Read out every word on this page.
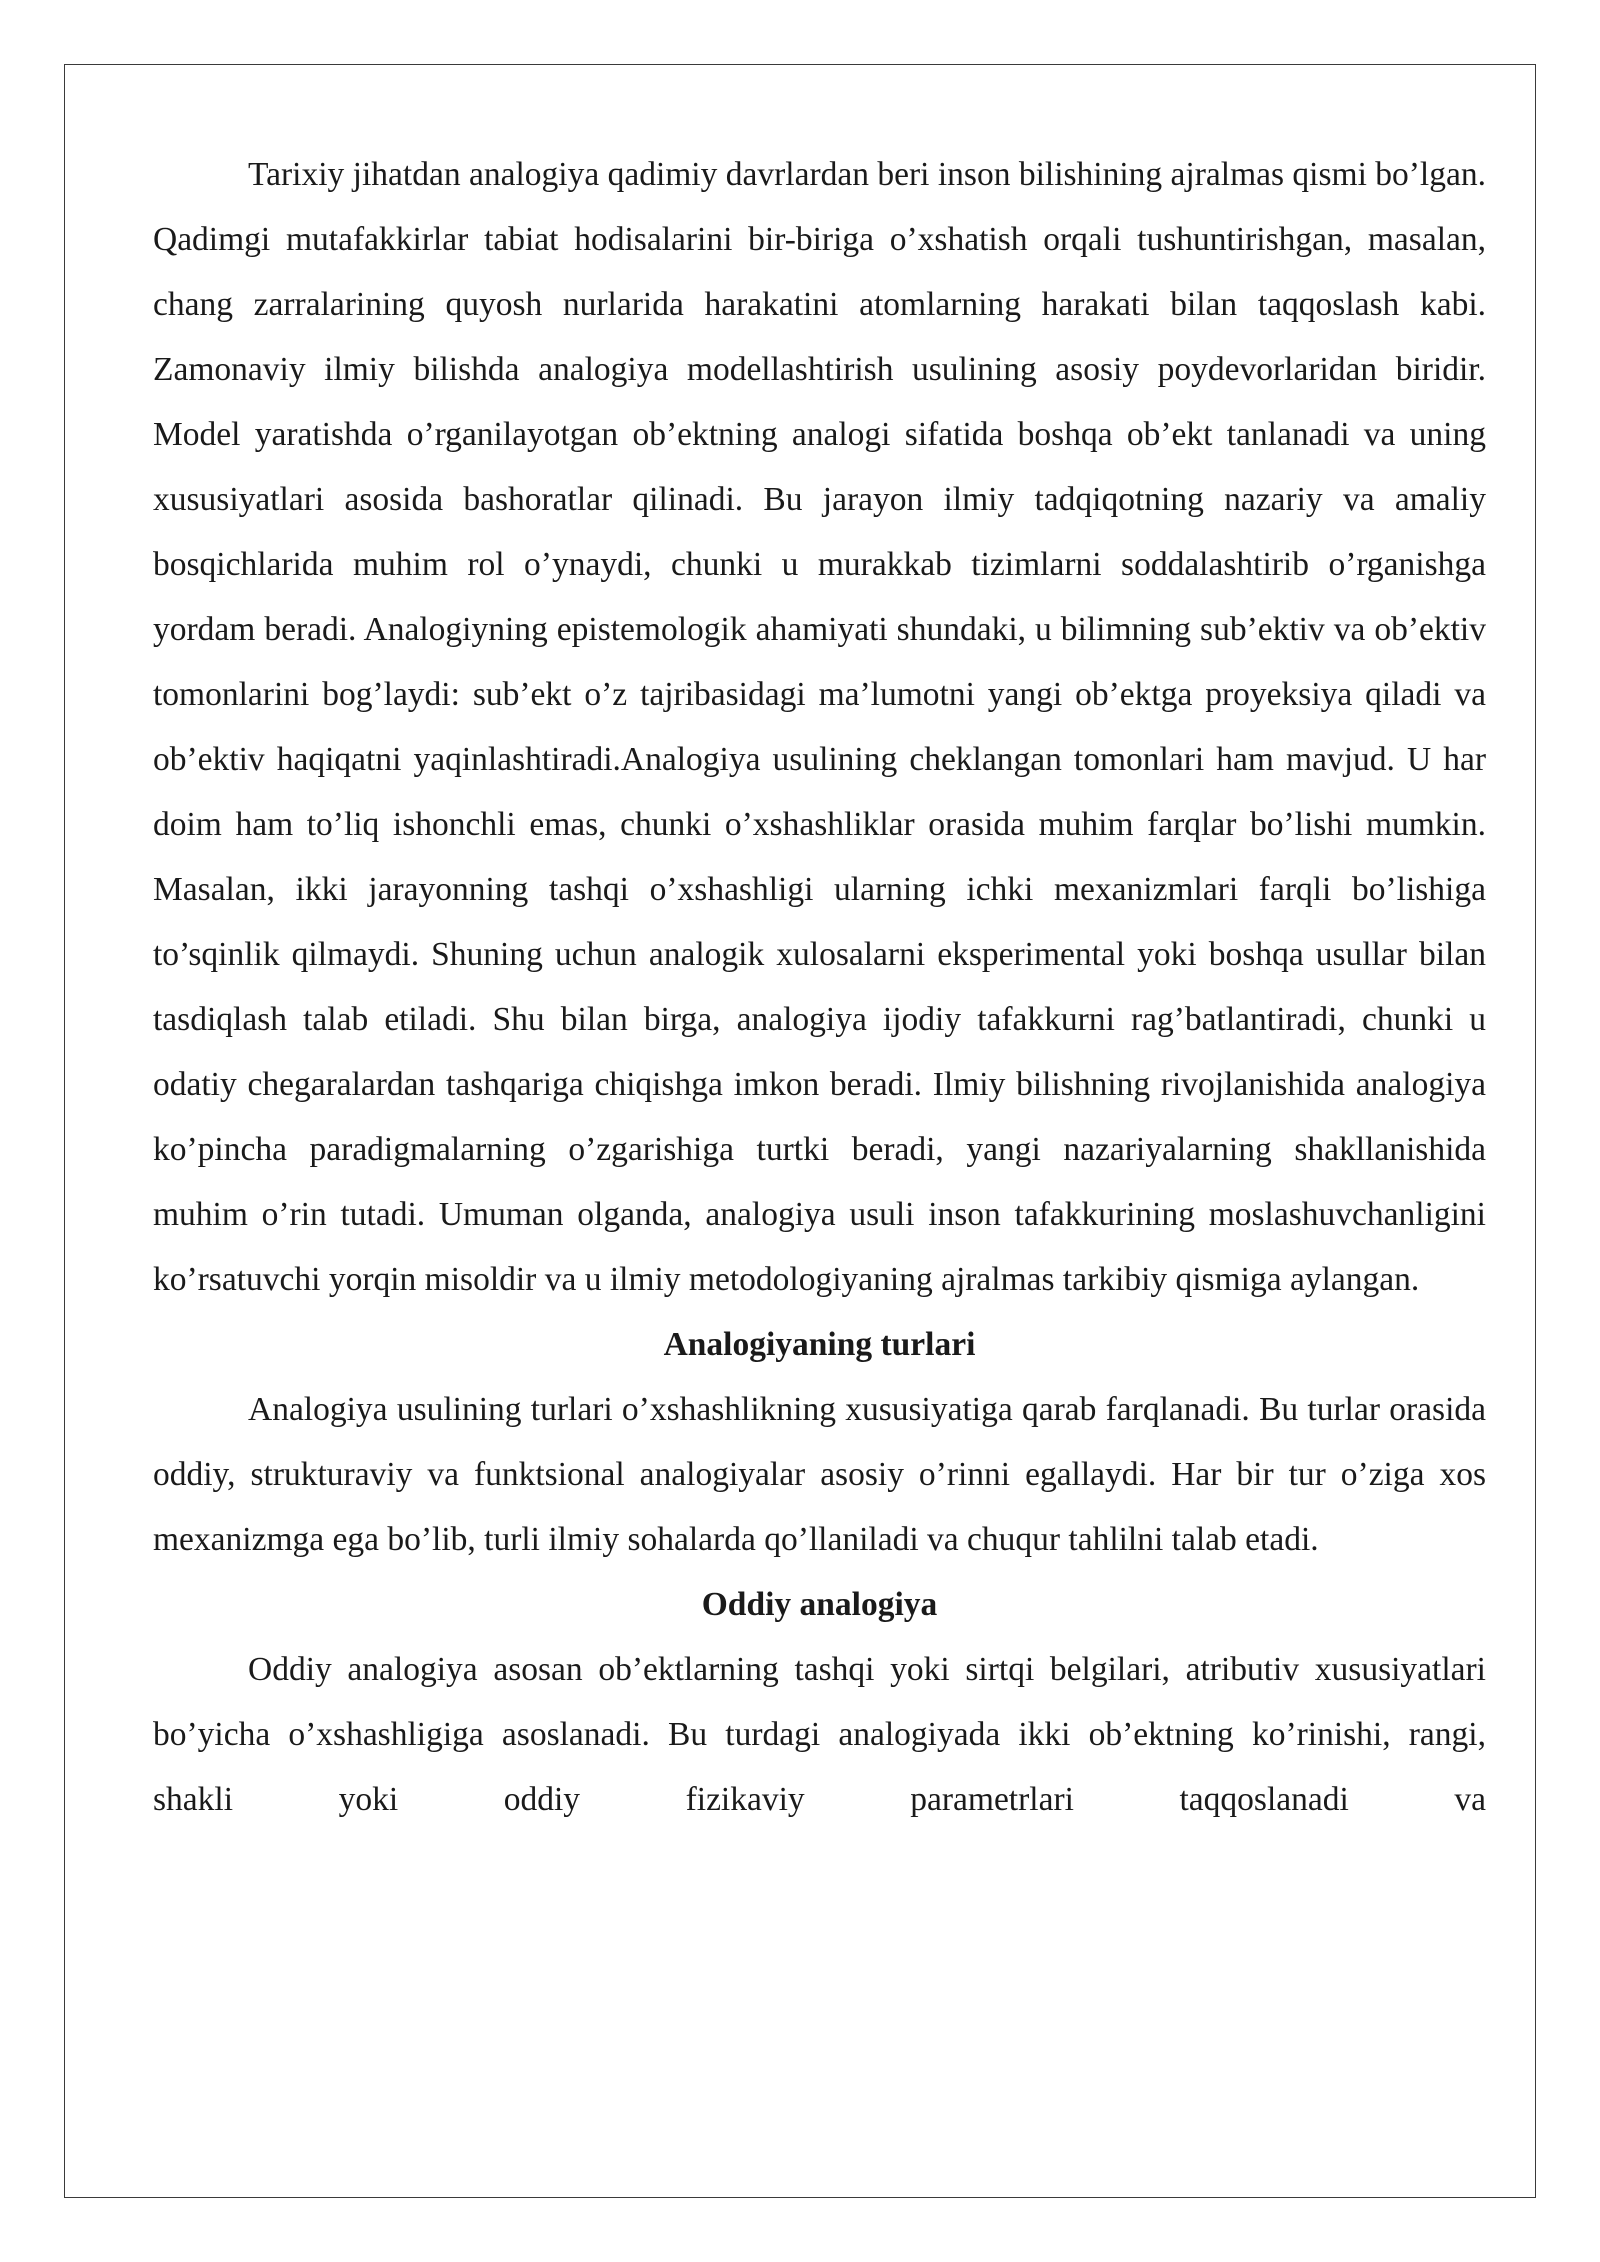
Tarixiy jihatdan analogiya qadimiy davrlardan beri inson bilishining ajralmas qismi bo’lgan. Qadimgi mutafakkirlar tabiat hodisalarini bir-biriga o’xshatish orqali tushuntirishgan, masalan, chang zarralarining quyosh nurlarida harakatini atomlarning harakati bilan taqqoslash kabi. Zamonaviy ilmiy bilishda analogiya modellashtirish usulining asosiy poydevorlaridan biridir. Model yaratishda o’rganilayotgan ob’ektning analogi sifatida boshqa ob’ekt tanlanadi va uning xususiyatlari asosida bashoratlar qilinadi. Bu jarayon ilmiy tadqiqotning nazariy va amaliy bosqichlarida muhim rol o’ynaydi, chunki u murakkab tizimlarni soddalashtirib o’rganishga yordam beradi. Analogiyning epistemologik ahamiyati shundaki, u bilimning sub’ektiv va ob’ektiv tomonlarini bog’laydi: sub’ekt o’z tajribasidagi ma’lumotni yangi ob’ektga proyeksiya qiladi va ob’ektiv haqiqatni yaqinlashtiradi.Analogiya usulining cheklangan tomonlari ham mavjud. U har doim ham to’liq ishonchli emas, chunki o’xshashliklar orasida muhim farqlar bo’lishi mumkin. Masalan, ikki jarayonning tashqi o’xshashligi ularning ichki mexanizmlari farqli bo’lishiga to’sqinlik qilmaydi. Shuning uchun analogik xulosalarni eksperimental yoki boshqa usullar bilan tasdiqlash talab etiladi. Shu bilan birga, analogiya ijodiy tafakkurni rag’batlantiradi, chunki u odatiy chegaralardan tashqariga chiqishga imkon beradi. Ilmiy bilishning rivojlanishida analogiya ko’pincha paradigmalarning o’zgarishiga turtki beradi, yangi nazariyalarning shakllanishida muhim o’rin tutadi. Umuman olganda, analogiya usuli inson tafakkurining moslashuvchanligini ko’rsatuvchi yorqin misoldir va u ilmiy metodologiyaning ajralmas tarkibiy qismiga aylangan.

Analogiyaning turlari

Analogiya usulining turlari o’xshashlikning xususiyatiga qarab farqlanadi. Bu turlar orasida oddiy, strukturaviy va funktsional analogiyalar asosiy o’rinni egallaydi. Har bir tur o’ziga xos mexanizmga ega bo’lib, turli ilmiy sohalarda qo’llaniladi va chuqur tahlilni talab etadi.

Oddiy analogiya

Oddiy analogiya asosan ob’ektlarning tashqi yoki sirtqi belgilari, atributiv xususiyatlari bo’yicha o’xshashligiga asoslanadi. Bu turdagi analogiyada ikki ob’ektning ko’rinishi, rangi, shakli yoki oddiy fizikaviy parametrlari taqqoslanadi va
